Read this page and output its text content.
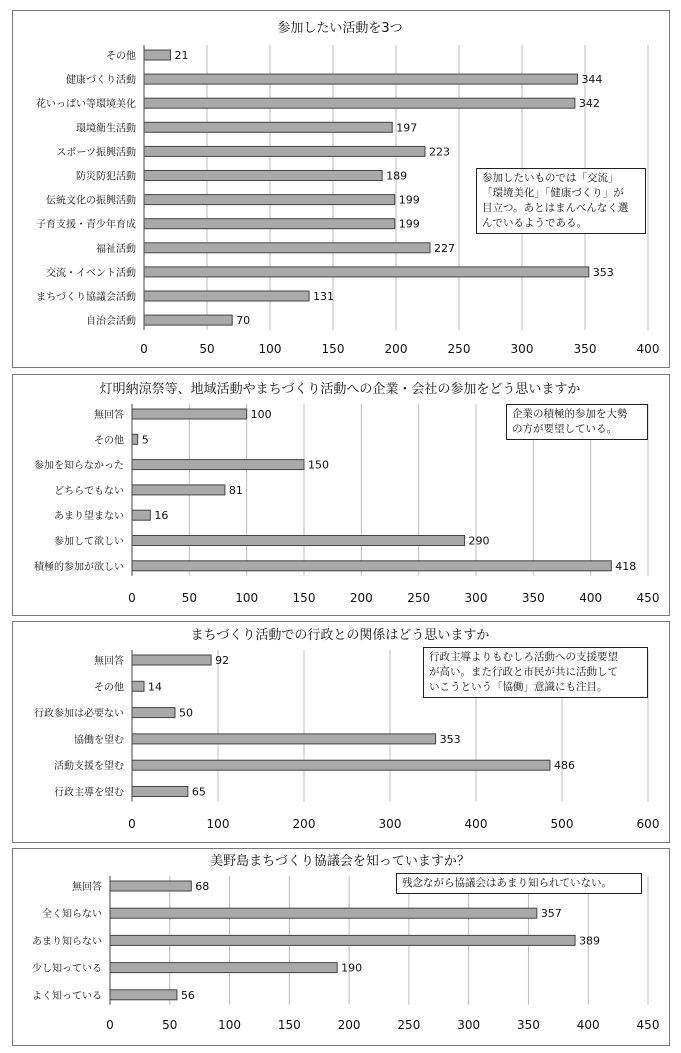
0	50	100	150	200	250	300	350	400
参加したい活動を3つ
その他	21
健康づくり活動	344
花いっぱい等環境美化	342
環境衛生活動	197
スポーツ振興活動	223
防災防犯活動	189
伝統文化の振興活動	199
子育支援・青少年育成	199
福祉活動	227
交流・イベント活動	353
まちづくり協議会活動	131
自治会活動	70
0	50	100	150	200	250	300	350	400	450
灯明納涼祭等、地域活動やまちづくり活動への企業・会社の参加をどう思いますか
無回答	100
その他 5
参加を知らなかった	150
どちらでもない	81
あまり望まない	16
参加して欲しい	290
積極的参加が欲しい	418
0	100	200	300	400	500	600
まちづくり活動での行政との関係はどう思いますか
無回答	92
その他 14
行政参加は必要ない	50
協働を望む	353
活動支援を望む	486
行政主導を望む	65
0	50	100	150	200	250	300	350	400	450
美野島まちづくり協議会を知っていますか？
無回答	68
全く知らない	357
あまり知らない	389
少し知っている	190
よく知っている	56
参加したいものでは「交流」
「環境美化」「健康づくり」が
目立つ。あとはまんべんなく選
んでいるようである。
企業の積極的参加を大勢
の方が要望している。
行政主導よりもむしろ活動への支援要望
が高い。また行政と市民が共に活動して
いこうという「協働」意識にも注目。
残念ながら協議会はあまり知られていない。
